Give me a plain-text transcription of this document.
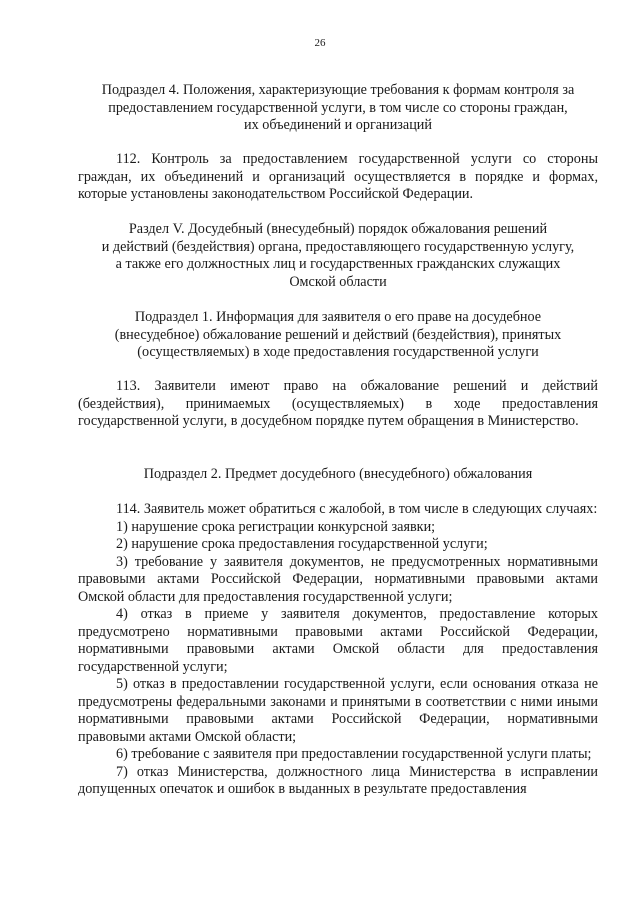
26

Подраздел 4. Положения, характеризующие требования к формам контроля за

предоставлением государственной услуги, в том числе со стороны граждан,

их объединений и организаций

112. Контроль за предоставлением государственной услуги со стороны граждан, их объединений и организаций осуществляется в порядке и формах, которые установлены законодательством Российской Федерации.

Раздел V. Досудебный (внесудебный) порядок обжалования решений

и действий (бездействия) органа, предоставляющего государственную услугу,

а также его должностных лиц и государственных гражданских служащих

Омской области

Подраздел 1. Информация для заявителя о его праве на досудебное

(внесудебное) обжалование решений и действий (бездействия), принятых

(осуществляемых) в ходе предоставления государственной услуги

113. Заявители имеют право на обжалование решений и действий (бездействия), принимаемых (осуществляемых) в ходе предоставления государственной услуги, в досудебном порядке путем обращения в Министерство.

Подраздел 2. Предмет досудебного (внесудебного) обжалования

114. Заявитель может обратиться с жалобой, в том числе в следующих случаях:

1) нарушение срока регистрации конкурсной заявки;

2) нарушение срока предоставления государственной услуги;

3) требование у заявителя документов, не предусмотренных нормативными правовыми актами Российской Федерации, нормативными правовыми актами Омской области для предоставления государственной услуги;

4) отказ в приеме у заявителя документов, предоставление которых предусмотрено нормативными правовыми актами Российской Федерации, нормативными правовыми актами Омской области для предоставления государственной услуги;

5) отказ в предоставлении государственной услуги, если основания отказа не предусмотрены федеральными законами и принятыми в соответствии с ними иными нормативными правовыми актами Российской Федерации, нормативными правовыми актами Омской области;

6) требование с заявителя при предоставлении государственной услуги платы;

7) отказ Министерства, должностного лица Министерства в исправлении допущенных опечаток и ошибок в выданных в результате предоставления
